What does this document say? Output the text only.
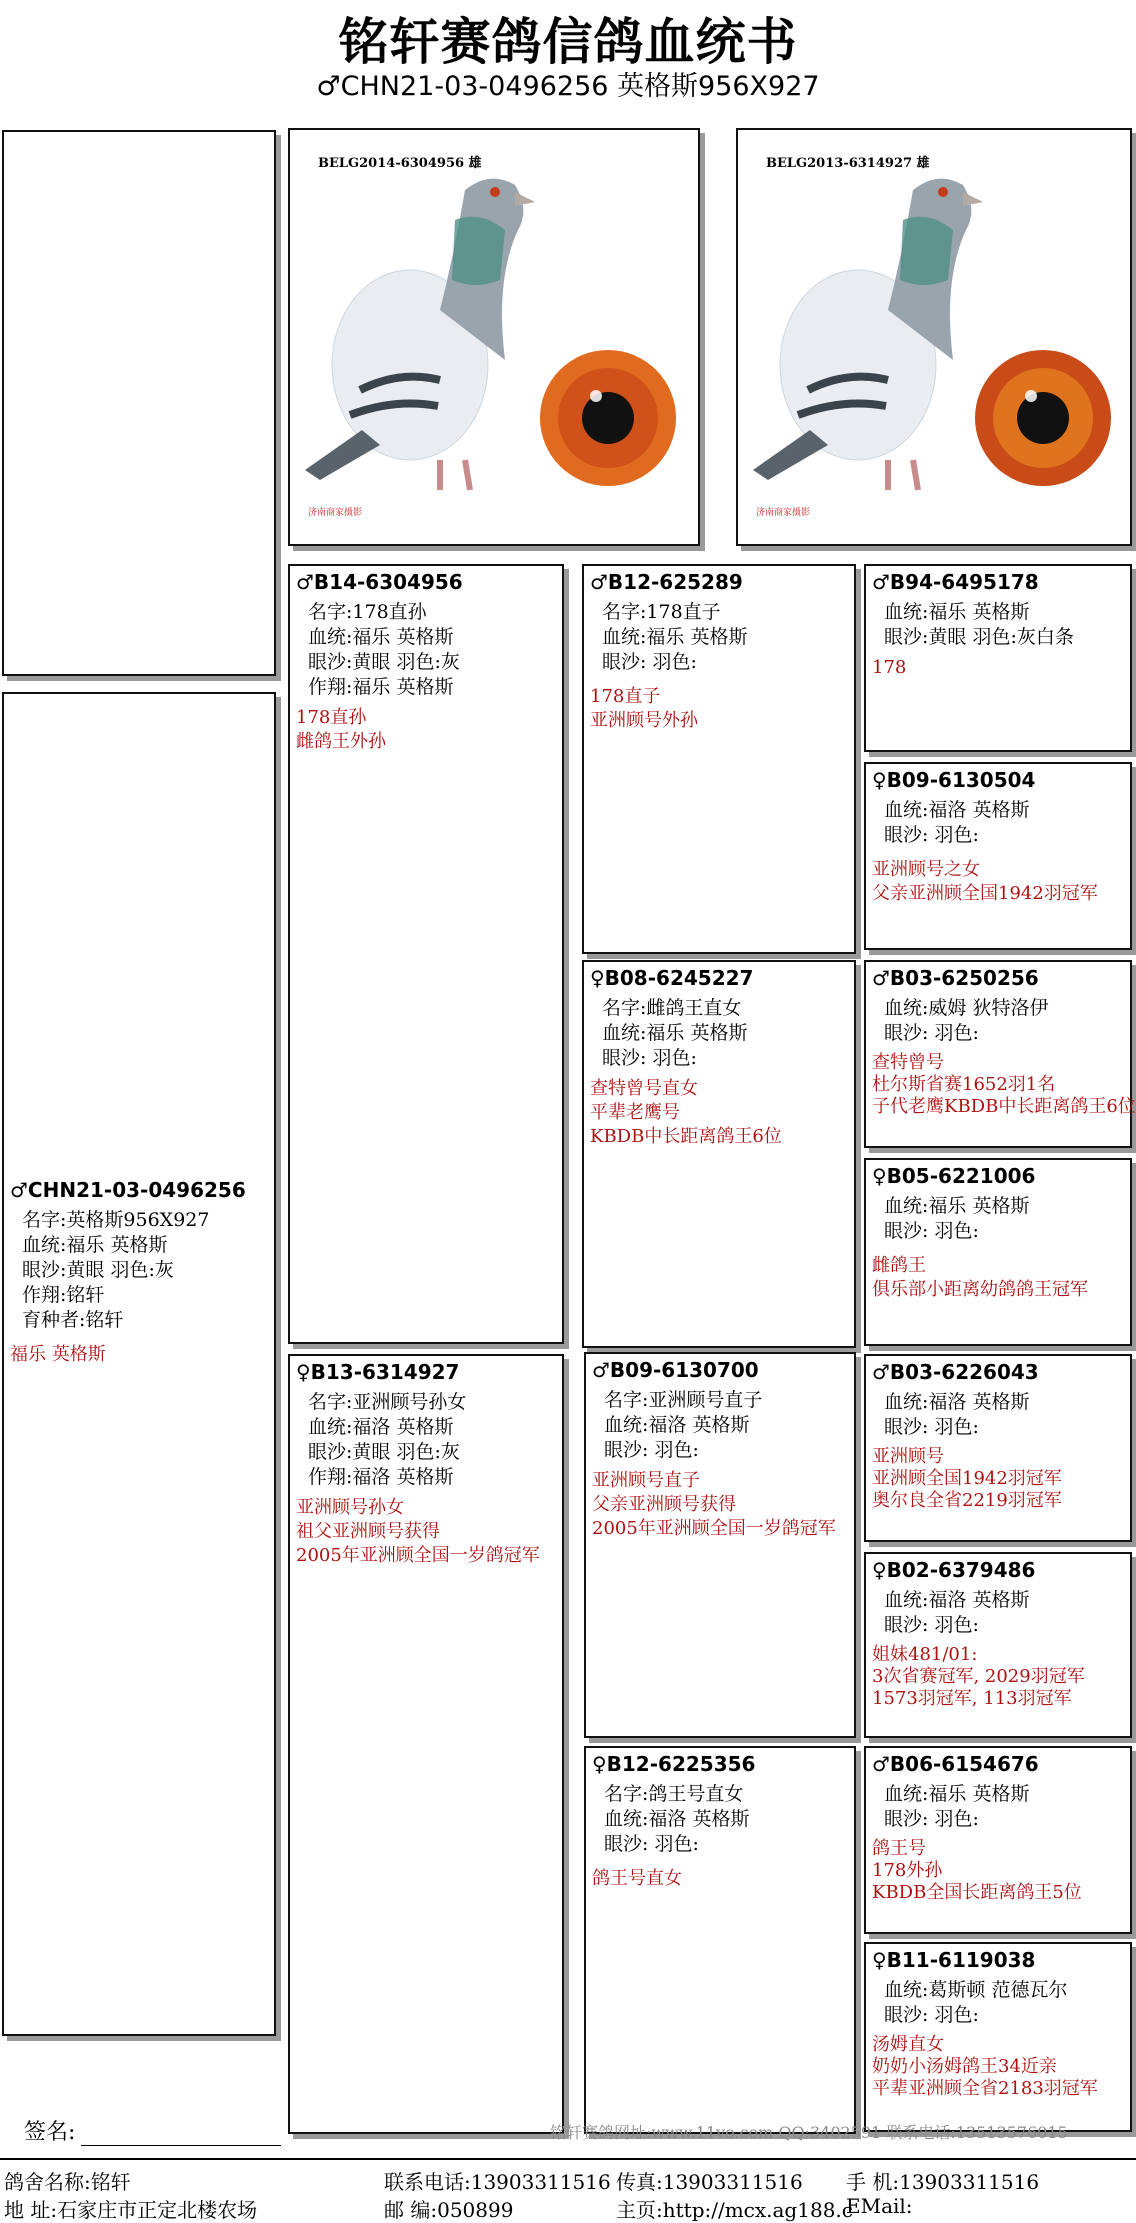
铭轩赛鸽信鸽血统书
♂CHN21-03-0496256 英格斯956X927
♂CHN21-03-0496256
名字:英格斯956X927
血统:福乐 英格斯
眼沙:黄眼 羽色:灰
作翔:铭轩
育种者:铭轩
福乐 英格斯
BELG2014-6304956 雄
济南商家摄影
BELG2013-6314927 雄
济南商家摄影
♂B14-6304956
名字:178直孙
血统:福乐 英格斯
眼沙:黄眼 羽色:灰
作翔:福乐 英格斯
178直孙
雌鸽王外孙
♀B13-6314927
名字:亚洲顾号孙女
血统:福洛 英格斯
眼沙:黄眼 羽色:灰
作翔:福洛 英格斯
亚洲顾号孙女
祖父亚洲顾号获得
2005年亚洲顾全国一岁鸽冠军
♂B12-625289
名字:178直子
血统:福乐 英格斯
眼沙: 羽色:
178直子
亚洲顾号外孙
♀B08-6245227
名字:雌鸽王直女
血统:福乐 英格斯
眼沙: 羽色:
查特曾号直女
平辈老鹰号
KBDB中长距离鸽王6位
♂B09-6130700
名字:亚洲顾号直子
血统:福洛 英格斯
眼沙: 羽色:
亚洲顾号直子
父亲亚洲顾号获得
2005年亚洲顾全国一岁鸽冠军
♀B12-6225356
名字:鸽王号直女
血统:福洛 英格斯
眼沙: 羽色:
鸽王号直女
♂B94-6495178
血统:福乐 英格斯
眼沙:黄眼 羽色:灰白条
178
♀B09-6130504
血统:福洛 英格斯
眼沙: 羽色:
亚洲顾号之女
父亲亚洲顾全国1942羽冠军
♂B03-6250256
血统:威姆 狄特洛伊
眼沙: 羽色:
查特曾号
杜尔斯省赛1652羽1名
子代老鹰KBDB中长距离鸽王6位
♀B05-6221006
血统:福乐 英格斯
眼沙: 羽色:
雌鸽王
俱乐部小距离幼鸽鸽王冠军
♂B03-6226043
血统:福洛 英格斯
眼沙: 羽色:
亚洲顾号
亚洲顾全国1942羽冠军
奥尔良全省2219羽冠军
♀B02-6379486
血统:福洛 英格斯
眼沙: 羽色:
姐妹481/01:
3次省赛冠军, 2029羽冠军
1573羽冠军, 113羽冠军
♂B06-6154676
血统:福乐 英格斯
眼沙: 羽色:
鸽王号
178外孙
KBDB全国长距离鸽王5位
♀B11-6119038
血统:葛斯顿 范德瓦尔
眼沙: 羽色:
汤姆直女
奶奶小汤姆鸽王34近亲
平辈亚洲顾全省2183羽冠军
签名:	铭轩赛鸽网址:www.11vo.com QQ:3402591 联系电话:13513576015
鸽舍名称:铭轩	联系电话:13903311516 传真:13903311516 手 机:13903311516
地 址:石家庄市正定北楼农场	邮 编:050899	主页:http://mcx.ag188.c
EMail:
